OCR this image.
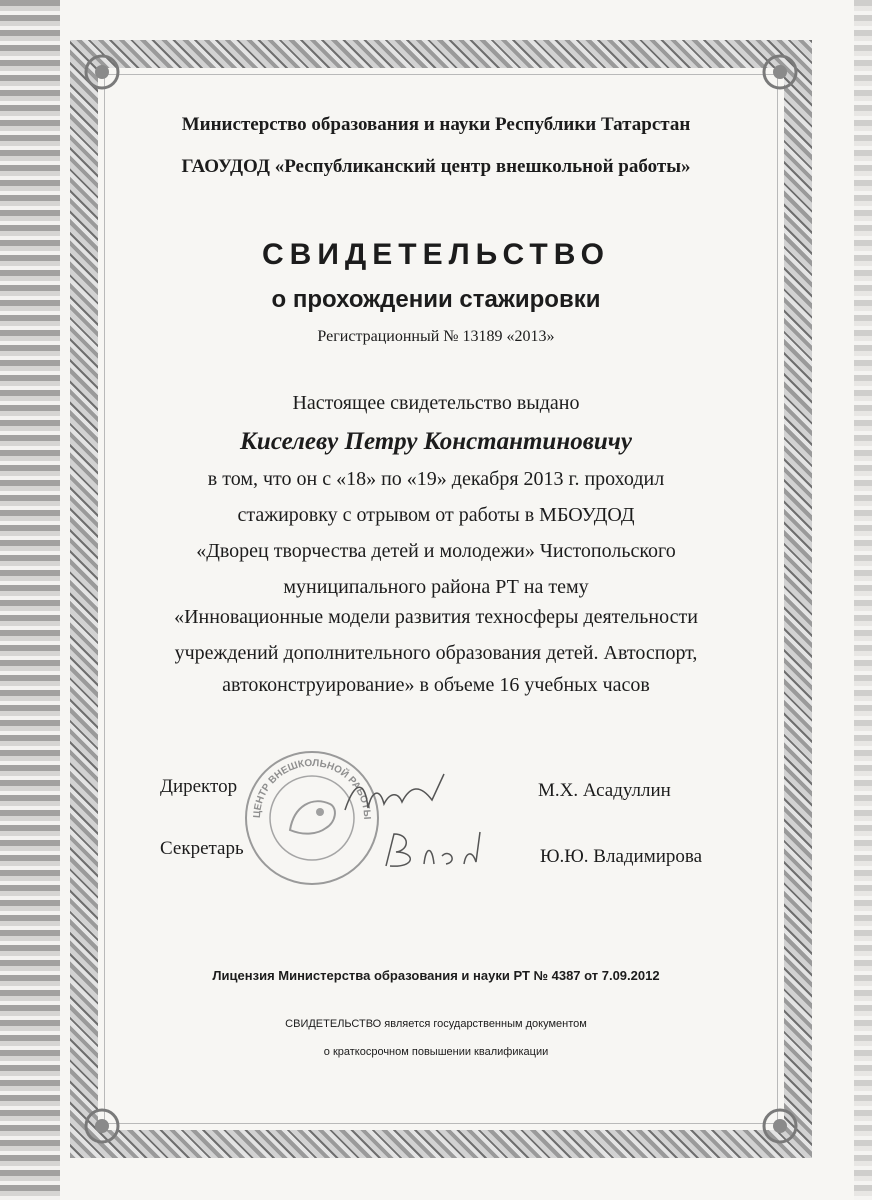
Министерство образования и науки Республики Татарстан
ГАОУДОД «Республиканский центр внешкольной работы»
СВИДЕТЕЛЬСТВО
о прохождении стажировки
Регистрационный № 13189 «2013»
Настоящее свидетельство выдано
Киселеву Петру Константиновичу
в том, что он с «18» по «19» декабря 2013 г. проходил
стажировку с отрывом от работы в МБОУДОД
«Дворец творчества детей и молодежи» Чистопольского
муниципального района РТ на тему
«Инновационные модели развития техносферы деятельности
учреждений дополнительного образования детей. Автоспорт,
автоконструирование» в объеме 16 учебных часов
ЦЕНТР ВНЕШКОЛЬНОЙ РАБОТЫ
Директор	М.Х. Асадуллин
Секретарь	Ю.Ю. Владимирова
Лицензия Министерства образования и науки РТ № 4387 от 7.09.2012
СВИДЕТЕЛЬСТВО является государственным документом
о краткосрочном повышении квалификации
